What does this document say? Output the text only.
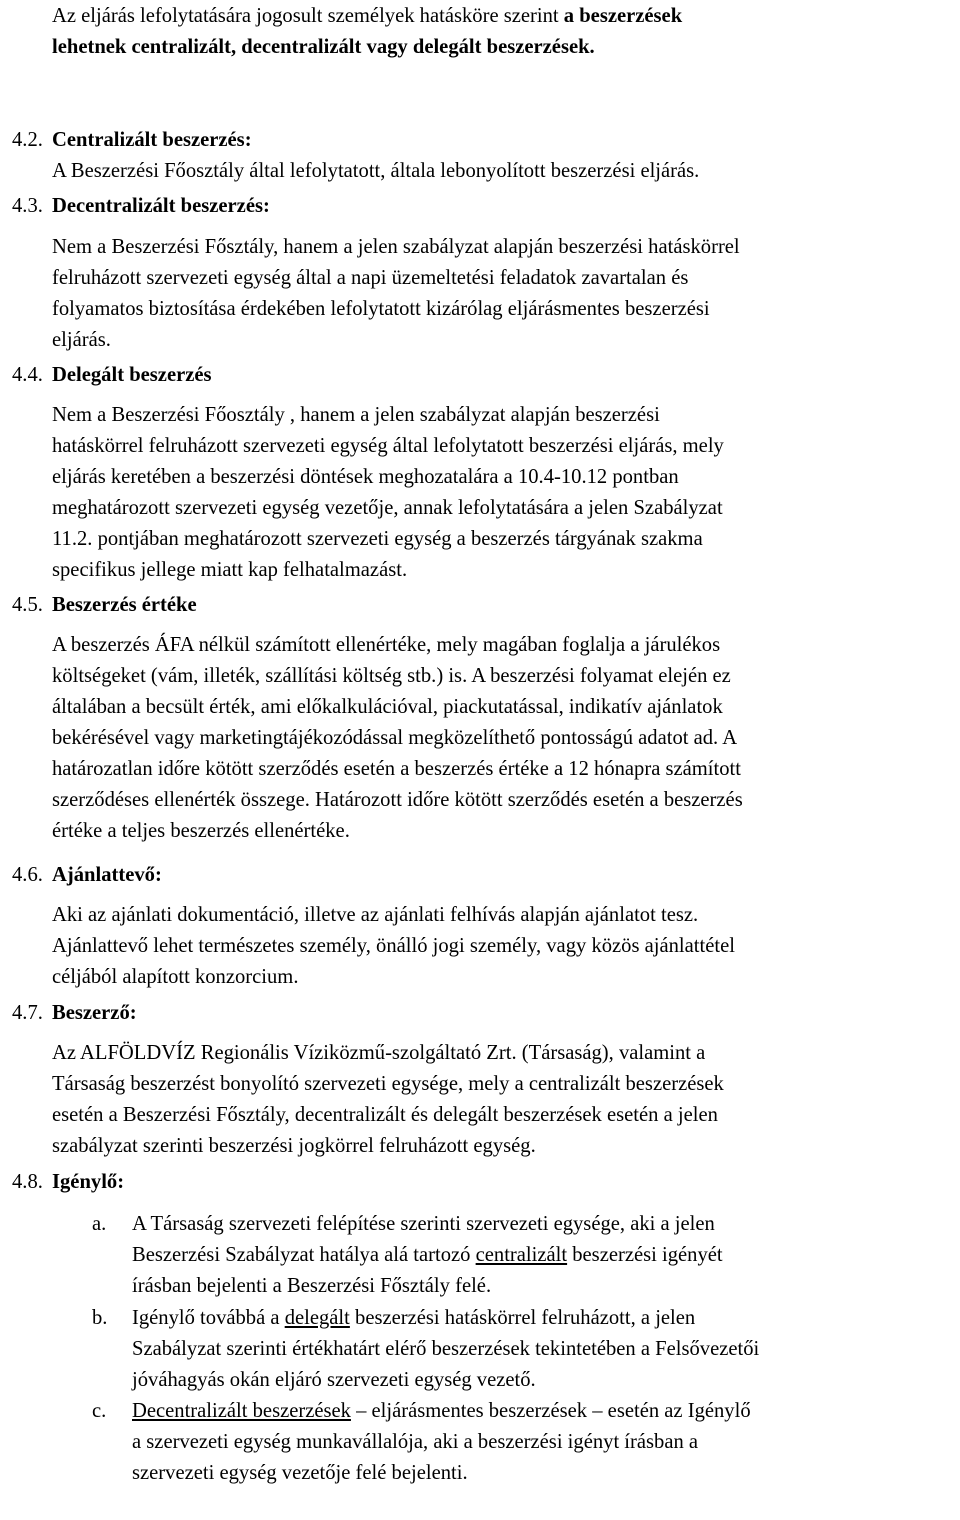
Az eljárás lefolytatására jogosult személyek hatásköre szerint a beszerzések
lehetnek centralizált, decentralizált vagy delegált beszerzések.
4.2. Centralizált beszerzés:
A Beszerzési Főosztály által lefolytatott, általa lebonyolított beszerzési eljárás.
4.3. Decentralizált beszerzés:
Nem a Beszerzési Fősztály, hanem a jelen szabályzat alapján beszerzési hatáskörrel
felruházott szervezeti egység által a napi üzemeltetési feladatok zavartalan és
folyamatos biztosítása érdekében lefolytatott kizárólag eljárásmentes beszerzési
eljárás.
4.4. Delegált beszerzés
Nem a Beszerzési Főosztály , hanem a jelen szabályzat alapján beszerzési
hatáskörrel felruházott szervezeti egység által lefolytatott beszerzési eljárás, mely
eljárás keretében a beszerzési döntések meghozatalára a 10.4-10.12 pontban
meghatározott szervezeti egység vezetője, annak lefolytatására a jelen Szabályzat
11.2. pontjában meghatározott szervezeti egység a beszerzés tárgyának szakma
specifikus jellege miatt kap felhatalmazást.
4.5. Beszerzés értéke
A beszerzés ÁFA nélkül számított ellenértéke, mely magában foglalja a járulékos
költségeket (vám, illeték, szállítási költség stb.) is. A beszerzési folyamat elején ez
általában a becsült érték, ami előkalkulációval, piackutatással, indikatív ajánlatok
bekérésével vagy marketingtájékozódással megközelíthető pontosságú adatot ad. A
határozatlan időre kötött szerződés esetén a beszerzés értéke a 12 hónapra számított
szerződéses ellenérték összege. Határozott időre kötött szerződés esetén a beszerzés
értéke a teljes beszerzés ellenértéke.
4.6. Ajánlattevő:
Aki az ajánlati dokumentáció, illetve az ajánlati felhívás alapján ajánlatot tesz.
Ajánlattevő lehet természetes személy, önálló jogi személy, vagy közös ajánlattétel
céljából alapított konzorcium.
4.7. Beszerző:
Az ALFÖLDVÍZ Regionális Víziközmű-szolgáltató Zrt. (Társaság), valamint a
Társaság beszerzést bonyolító szervezeti egysége, mely a centralizált beszerzések
esetén a Beszerzési Fősztály, decentralizált és delegált beszerzések esetén a jelen
szabályzat szerinti beszerzési jogkörrel felruházott egység.
4.8. Igénylő:
a. A Társaság szervezeti felépítése szerinti szervezeti egysége, aki a jelen
Beszerzési Szabályzat hatálya alá tartozó centralizált beszerzési igényét
írásban bejelenti a Beszerzési Fősztály felé.
b. Igénylő továbbá a delegált beszerzési hatáskörrel felruházott, a jelen
Szabályzat szerinti értékhatárt elérő beszerzések tekintetében a Felsővezetői
jóváhagyás okán eljáró szervezeti egység vezető.
c. Decentralizált beszerzések – eljárásmentes beszerzések – esetén az Igénylő
a szervezeti egység munkavállalója, aki a beszerzési igényt írásban a
szervezeti egység vezetője felé bejelenti.
